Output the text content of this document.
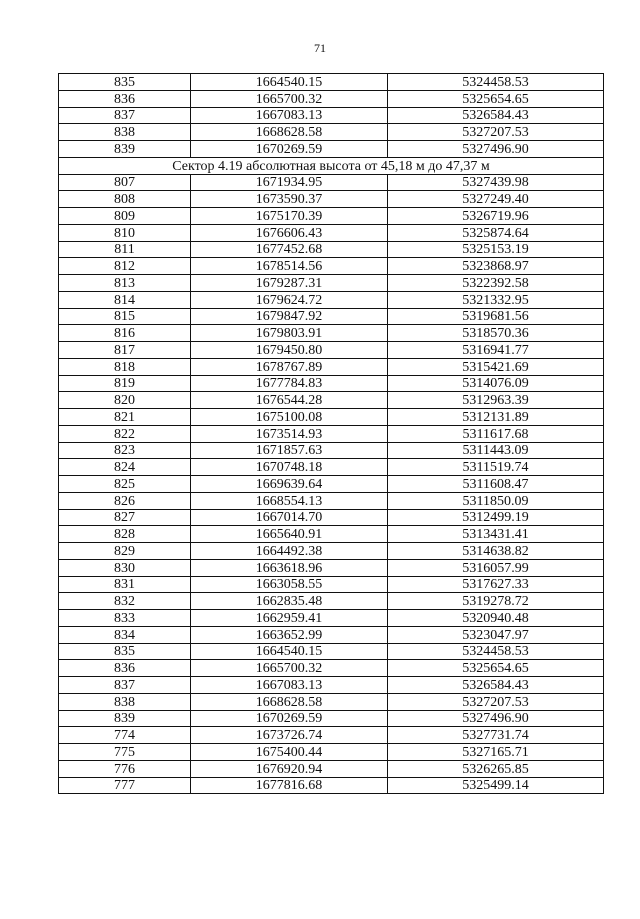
71
835	1664540.15	5324458.53
836	1665700.32	5325654.65
837	1667083.13	5326584.43
838	1668628.58	5327207.53
839	1670269.59	5327496.90
Сектор 4.19 абсолютная высота от 45,18 м до 47,37 м		
807	1671934.95	5327439.98
808	1673590.37	5327249.40
809	1675170.39	5326719.96
810	1676606.43	5325874.64
811	1677452.68	5325153.19
812	1678514.56	5323868.97
813	1679287.31	5322392.58
814	1679624.72	5321332.95
815	1679847.92	5319681.56
816	1679803.91	5318570.36
817	1679450.80	5316941.77
818	1678767.89	5315421.69
819	1677784.83	5314076.09
820	1676544.28	5312963.39
821	1675100.08	5312131.89
822	1673514.93	5311617.68
823	1671857.63	5311443.09
824	1670748.18	5311519.74
825	1669639.64	5311608.47
826	1668554.13	5311850.09
827	1667014.70	5312499.19
828	1665640.91	5313431.41
829	1664492.38	5314638.82
830	1663618.96	5316057.99
831	1663058.55	5317627.33
832	1662835.48	5319278.72
833	1662959.41	5320940.48
834	1663652.99	5323047.97
835	1664540.15	5324458.53
836	1665700.32	5325654.65
837	1667083.13	5326584.43
838	1668628.58	5327207.53
839	1670269.59	5327496.90
774	1673726.74	5327731.74
775	1675400.44	5327165.71
776	1676920.94	5326265.85
777	1677816.68	5325499.14
